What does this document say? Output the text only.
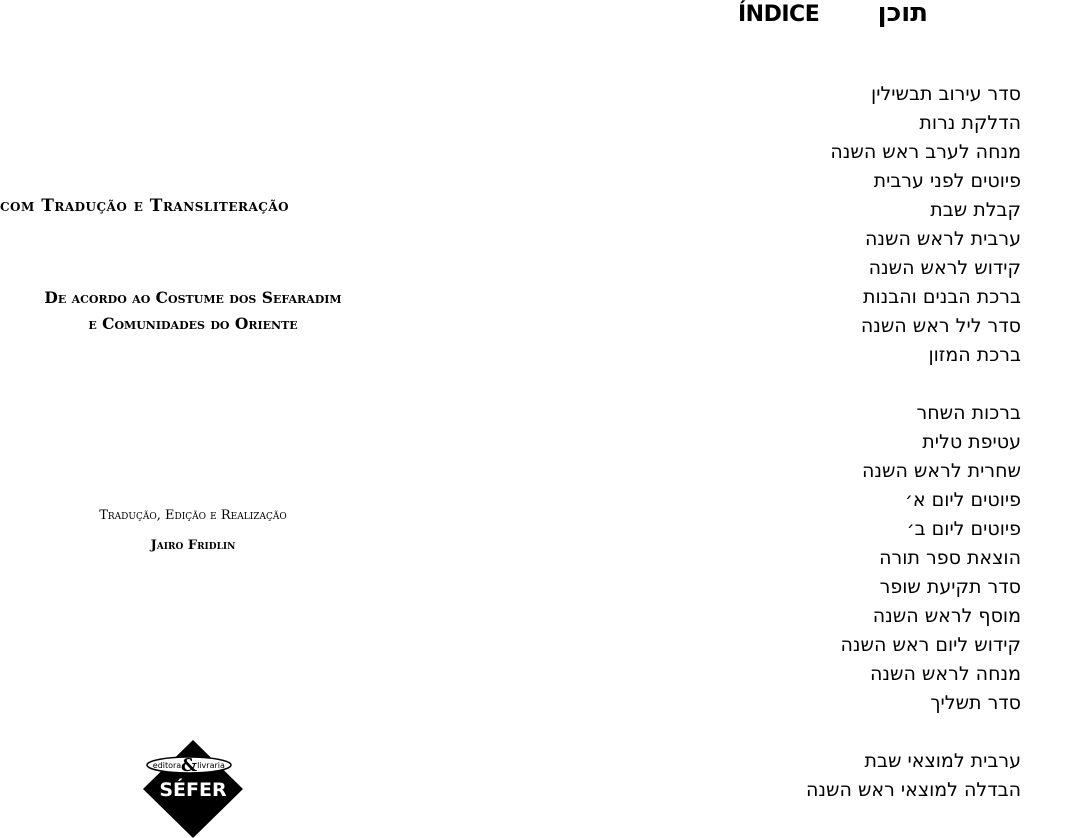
com Tradução e Transliteração
De acordo ao Costume dos Sefaradim
e Comunidades do Oriente
Tradução, Edição e Realização
Jairo Fridlin
editora & livraria
SÉFER
ÍNDICE	תוכן
סדר עירוב תבשילין
הדלקת נרות
מנחה לערב ראש השנה
פיוטים לפני ערבית
קבלת שבת
ערבית לראש השנה
קידוש לראש השנה
ברכת הבנים והבנות
סדר ליל ראש השנה
ברכת המזון
ברכות השחר
עטיפת טלית
שחרית לראש השנה
פיוטים ליום א׳
פיוטים ליום ב׳
הוצאת ספר תורה
סדר תקיעת שופר
מוסף לראש השנה
קידוש ליום ראש השנה
מנחה לראש השנה
סדר תשליך
ערבית למוצאי שבת
הבדלה למוצאי ראש השנה
